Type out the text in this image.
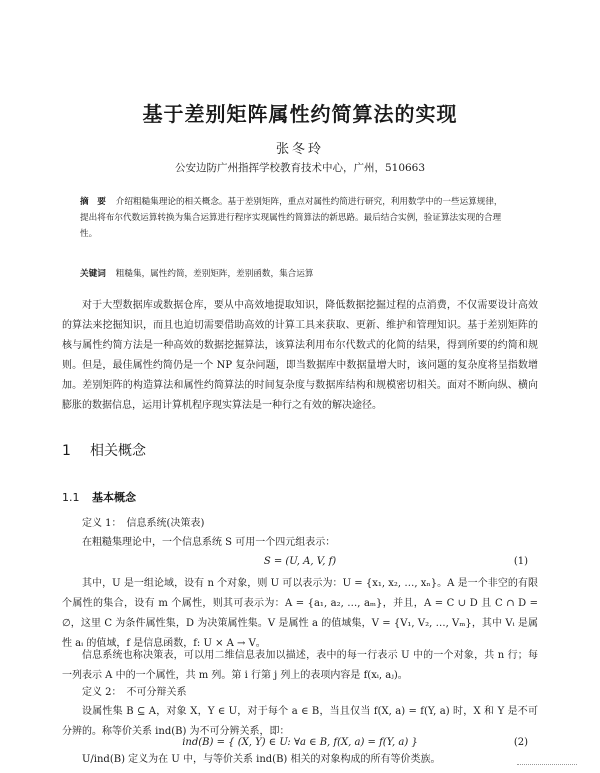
基于差别矩阵属性约简算法的实现
张冬玲
公安边防广州指挥学校教育技术中心，广州，510663
摘　要 介绍粗糙集理论的相关概念。基于差别矩阵，重点对属性约简进行研究，利用数学中的一些运算规律，提出将布尔代数运算转换为集合运算进行程序实现属性约简算法的新思路。最后结合实例，验证算法实现的合理性。
关键词 粗糙集，属性约简，差别矩阵，差别函数，集合运算
对于大型数据库或数据仓库，要从中高效地提取知识，降低数据挖掘过程的点消费，不仅需要设计高效的算法来挖掘知识，而且也迫切需要借助高效的计算工具来获取、更新、维护和管理知识。基于差别矩阵的核与属性约简方法是一种高效的数据挖掘算法，该算法利用布尔代数式的化简的结果，得到所要的约简和规则。但是，最佳属性约简仍是一个 NP 复杂问题，即当数据库中数据量增大时，该问题的复杂度将呈指数增加。差别矩阵的构造算法和属性约简算法的时间复杂度与数据库结构和规模密切相关。面对不断向纵、横向膨胀的数据信息，运用计算机程序现实算法是一种行之有效的解决途径。
1 相关概念
1.1 基本概念
定义 1：　信息系统(决策表)
在粗糙集理论中，一个信息系统 S 可用一个四元组表示：
S = (U, A, V, f)	(1)
其中，U 是一组论域，设有 n 个对象，则 U 可以表示为：U = {x₁, x₂, …, xₙ}。A 是一个非空的有限个属性的集合，设有 m 个属性，则其可表示为：A = {a₁, a₂, …, aₘ}，并且，A = C ∪ D 且 C ∩ D = ∅，这里 C 为条件属性集，D 为决策属性集。V 是属性 a 的值域集，V = {V₁, V₂, …, Vₘ}，其中 Vᵢ 是属性 aᵢ 的值域，f 是信息函数，f: U × A → V。
信息系统也称决策表，可以用二维信息表加以描述，表中的每一行表示 U 中的一个对象，共 n 行；每一列表示 A 中的一个属性，共 m 列。第 i 行第 j 列上的表项内容是 f(xᵢ, aⱼ)。
定义 2：　不可分辩关系
设属性集 B ⊆ A，对象 X，Y ∈ U，对于每个 a ∈ B，当且仅当 f(X, a) = f(Y, a) 时，X 和 Y 是不可分辨的。称等价关系 ind(B) 为不可分辨关系，即：
ind(B) = { (X, Y) ∈ U: ∀a ∈ B, f(X, a) = f(Y, a) }	(2)
U/ind(B) 定义为在 U 中，与等价关系 ind(B) 相关的对象构成的所有等价类族。
